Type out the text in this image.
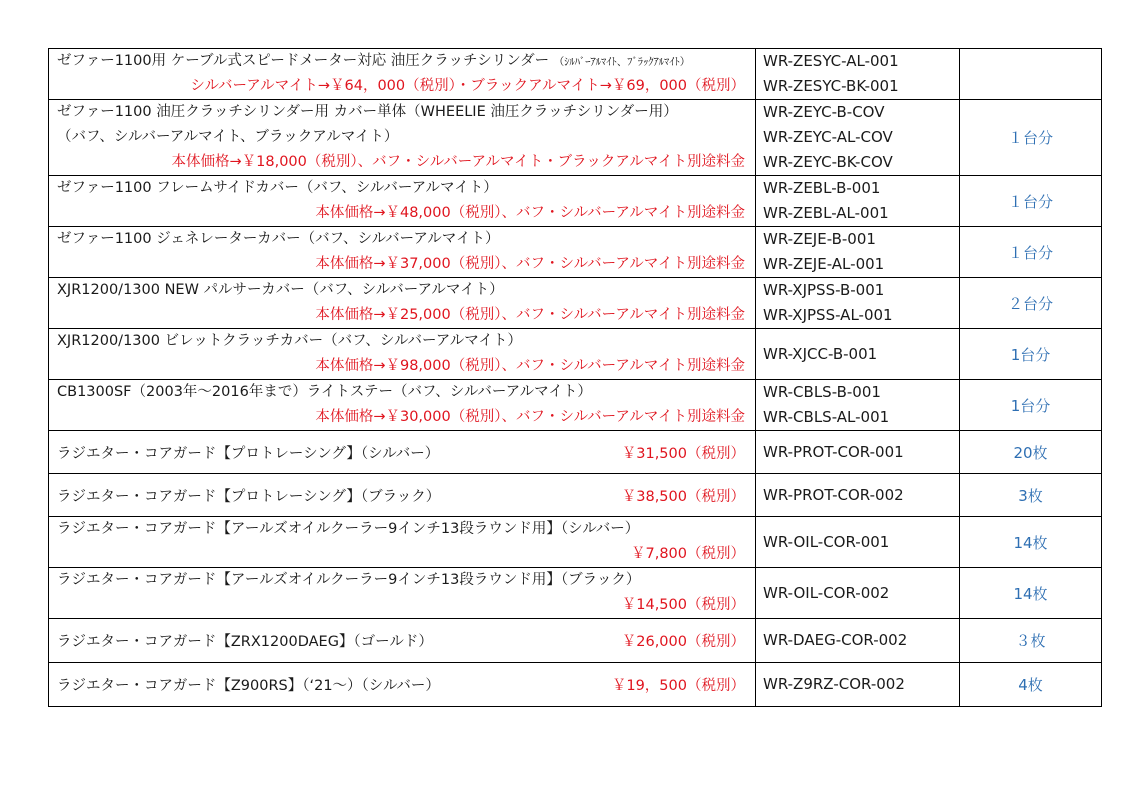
ゼファー1100用 ケーブル式スピードメーター対応 油圧クラッチシリンダー （ｼﾙﾊﾞｰｱﾙﾏｲﾄ、ﾌﾞﾗｯｸｱﾙﾏｲﾄ）
シルバーアルマイト→￥64，000（税別）・ブラックアルマイト→￥69，000（税別）	WR-ZESYC-AL-001
WR-ZESYC-BK-001	

ゼファー1100 油圧クラッチシリンダー用 カバー単体（WHEELIE 油圧クラッチシリンダー用）
（バフ、シルバーアルマイト、ブラックアルマイト）
本体価格→￥18,000（税別）、バフ・シルバーアルマイト・ブラックアルマイト別途料金	WR-ZEYC-B-COV
WR-ZEYC-AL-COV
WR-ZEYC-BK-COV	１台分

ゼファー1100 フレームサイドカバー（バフ、シルバーアルマイト）
本体価格→￥48,000（税別）、バフ・シルバーアルマイト別途料金	WR-ZEBL-B-001
WR-ZEBL-AL-001	１台分

ゼファー1100 ジェネレーターカバー（バフ、シルバーアルマイト）
本体価格→￥37,000（税別）、バフ・シルバーアルマイト別途料金	WR-ZEJE-B-001
WR-ZEJE-AL-001	１台分

XJR1200/1300 NEW パルサーカバー（バフ、シルバーアルマイト）
本体価格→￥25,000（税別）、バフ・シルバーアルマイト別途料金	WR-XJPSS-B-001
WR-XJPSS-AL-001	２台分

XJR1200/1300 ビレットクラッチカバー（バフ、シルバーアルマイト）
本体価格→￥98,000（税別）、バフ・シルバーアルマイト別途料金	WR-XJCC-B-001	1台分

CB1300SF（2003年～2016年まで）ライトステー（バフ、シルバーアルマイト）
本体価格→￥30,000（税別）、バフ・シルバーアルマイト別途料金	WR-CBLS-B-001
WR-CBLS-AL-001	1台分

ラジエター・コアガード【プロトレーシング】（シルバー） ￥31,500（税別）	WR-PROT-COR-001	20枚

ラジエター・コアガード【プロトレーシング】（ブラック） ￥38,500（税別）	WR-PROT-COR-002	3枚

ラジエター・コアガード【アールズオイルクーラー9インチ13段ラウンド用】（シルバー）
￥7,800（税別）	WR-OIL-COR-001	14枚

ラジエター・コアガード【アールズオイルクーラー9インチ13段ラウンド用】（ブラック）
￥14,500（税別）	WR-OIL-COR-002	14枚

ラジエター・コアガード【ZRX1200DAEG】（ゴールド） ￥26,000（税別）	WR-DAEG-COR-002	３枚

ラジエター・コアガード【Z900RS】（‘21～）（シルバー） ￥19，500（税別）	WR-Z9RZ-COR-002	4枚
